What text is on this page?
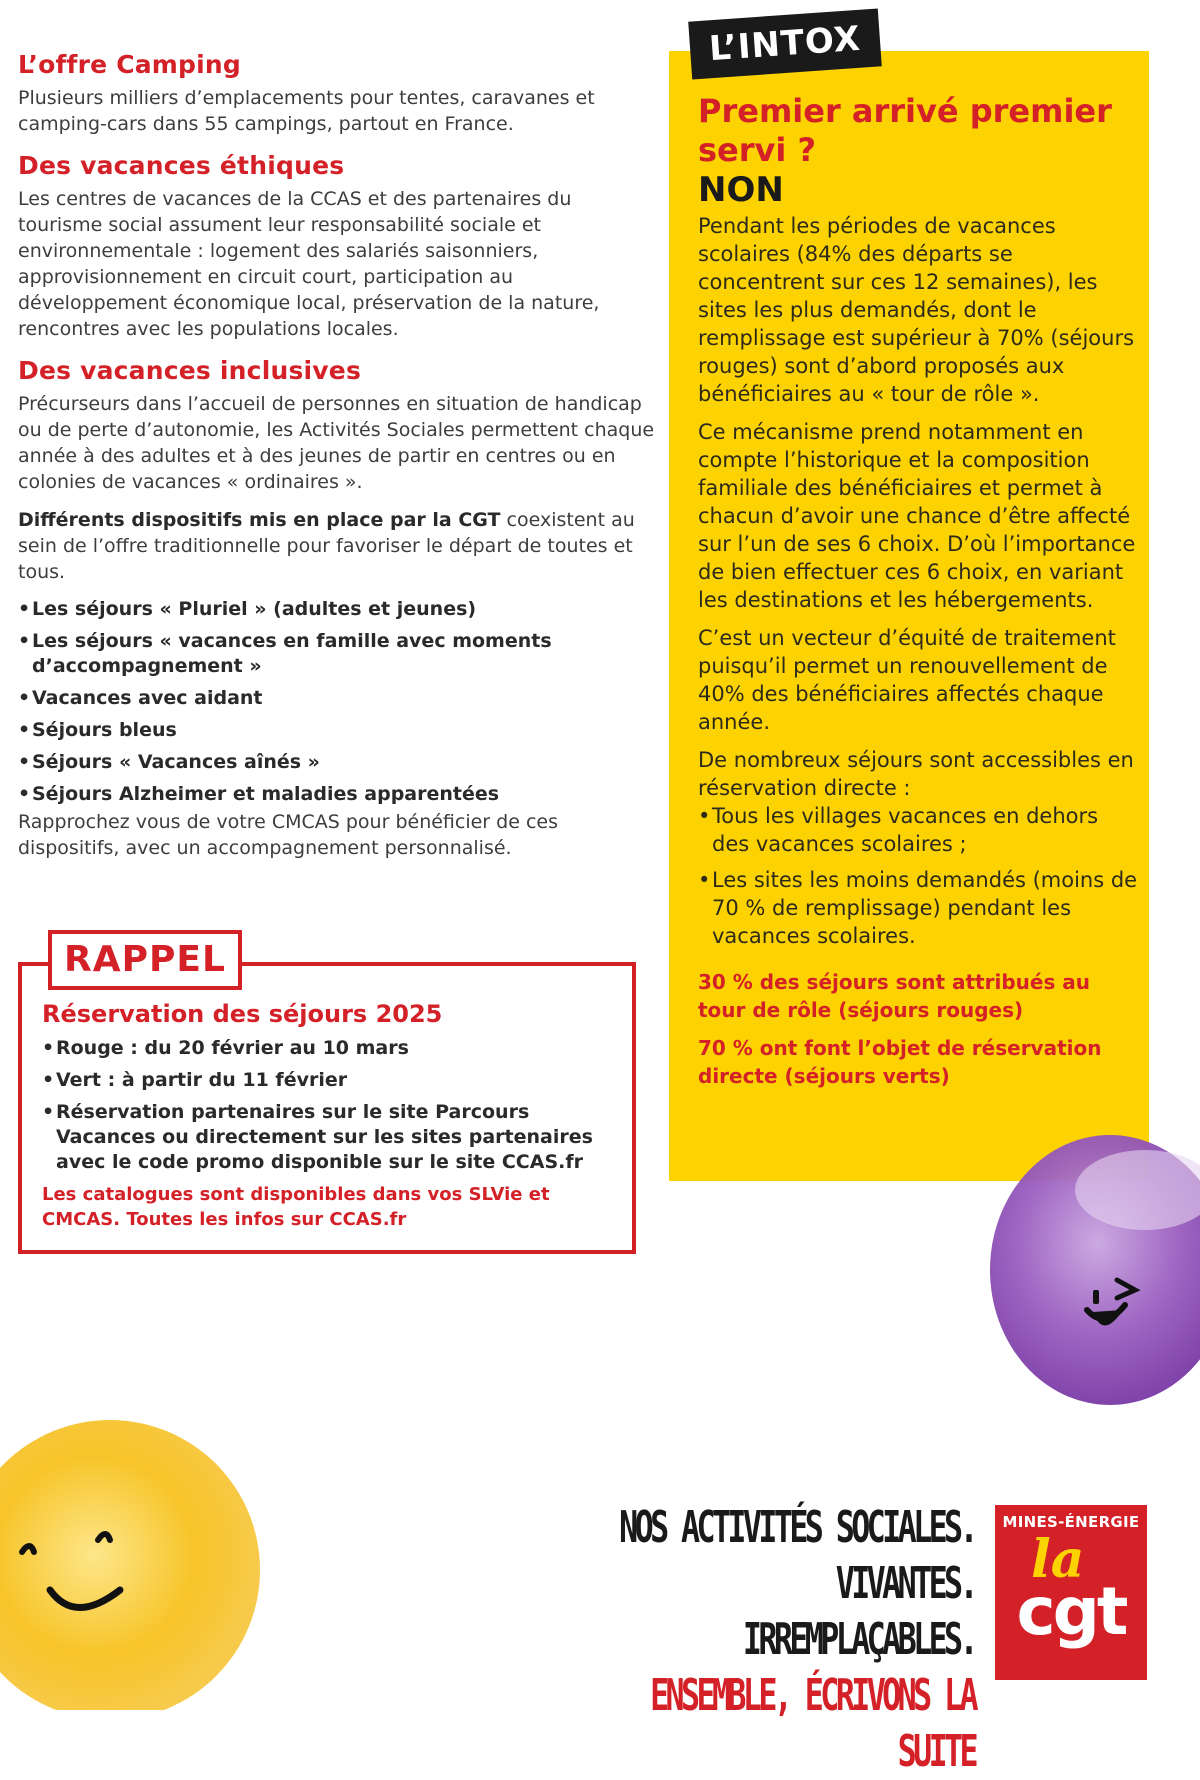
L’offre Camping

Plusieurs milliers d’emplacements pour tentes, caravanes et camping-cars dans 55 campings, partout en France.

Des vacances éthiques

Les centres de vacances de la CCAS et des partenaires du tourisme social assument leur responsabilité sociale et environnementale : logement des salariés saisonniers, approvisionnement en circuit court, participation au développement économique local, préservation de la nature, rencontres avec les populations locales.

Des vacances inclusives

Précurseurs dans l’accueil de personnes en situation de handicap ou de perte d’autonomie, les Activités Sociales permettent chaque année à des adultes et à des jeunes de partir en centres ou en colonies de vacances « ordinaires ».

Différents dispositifs mis en place par la CGT coexistent au sein de l’offre traditionnelle pour favoriser le départ de toutes et tous.

• Les séjours « Pluriel » (adultes et jeunes)
• Les séjours « vacances en famille avec moments d’accompagnement »
• Vacances avec aidant
• Séjours bleus
• Séjours « Vacances aînés »
• Séjours Alzheimer et maladies apparentées

Rapprochez vous de votre CMCAS pour bénéficier de ces dispositifs, avec un accompagnement personnalisé.

RAPPEL
Réservation des séjours 2025
• Rouge : du 20 février au 10 mars
• Vert : à partir du 11 février
• Réservation partenaires sur le site Parcours Vacances ou directement sur les sites partenaires avec le code promo disponible sur le site CCAS.fr

Les catalogues sont disponibles dans vos SLVie et CMCAS. Toutes les infos sur CCAS.fr

L’INTOX

Premier arrivé premier servi ?

NON

Pendant les périodes de vacances scolaires (84% des départs se concentrent sur ces 12 semaines), les sites les plus demandés, dont le remplissage est supérieur à 70% (séjours rouges) sont d’abord proposés aux bénéficiaires au « tour de rôle ».

Ce mécanisme prend notamment en compte l’historique et la composition familiale des bénéficiaires et permet à chacun d’avoir une chance d’être affecté sur l’un de ses 6 choix. D’où l’importance de bien effectuer ces 6 choix, en variant les destinations et les hébergements.

C’est un vecteur d’équité de traitement puisqu’il permet un renouvellement de 40% des bénéficiaires affectés chaque année.

De nombreux séjours sont accessibles en réservation directe :

• Tous les villages vacances en dehors des vacances scolaires ;
• Les sites les moins demandés (moins de 70 % de remplissage) pendant les vacances scolaires.

30 % des séjours sont attribués au tour de rôle (séjours rouges)

70 % ont font l’objet de réservation directe (séjours verts)

NOS ACTIVITÉS SOCIALES.
VIVANTES. IRREMPLAÇABLES.
ENSEMBLE, ÉCRIVONS LA SUITE
MINES-ÉNERGIE
la
cgt
